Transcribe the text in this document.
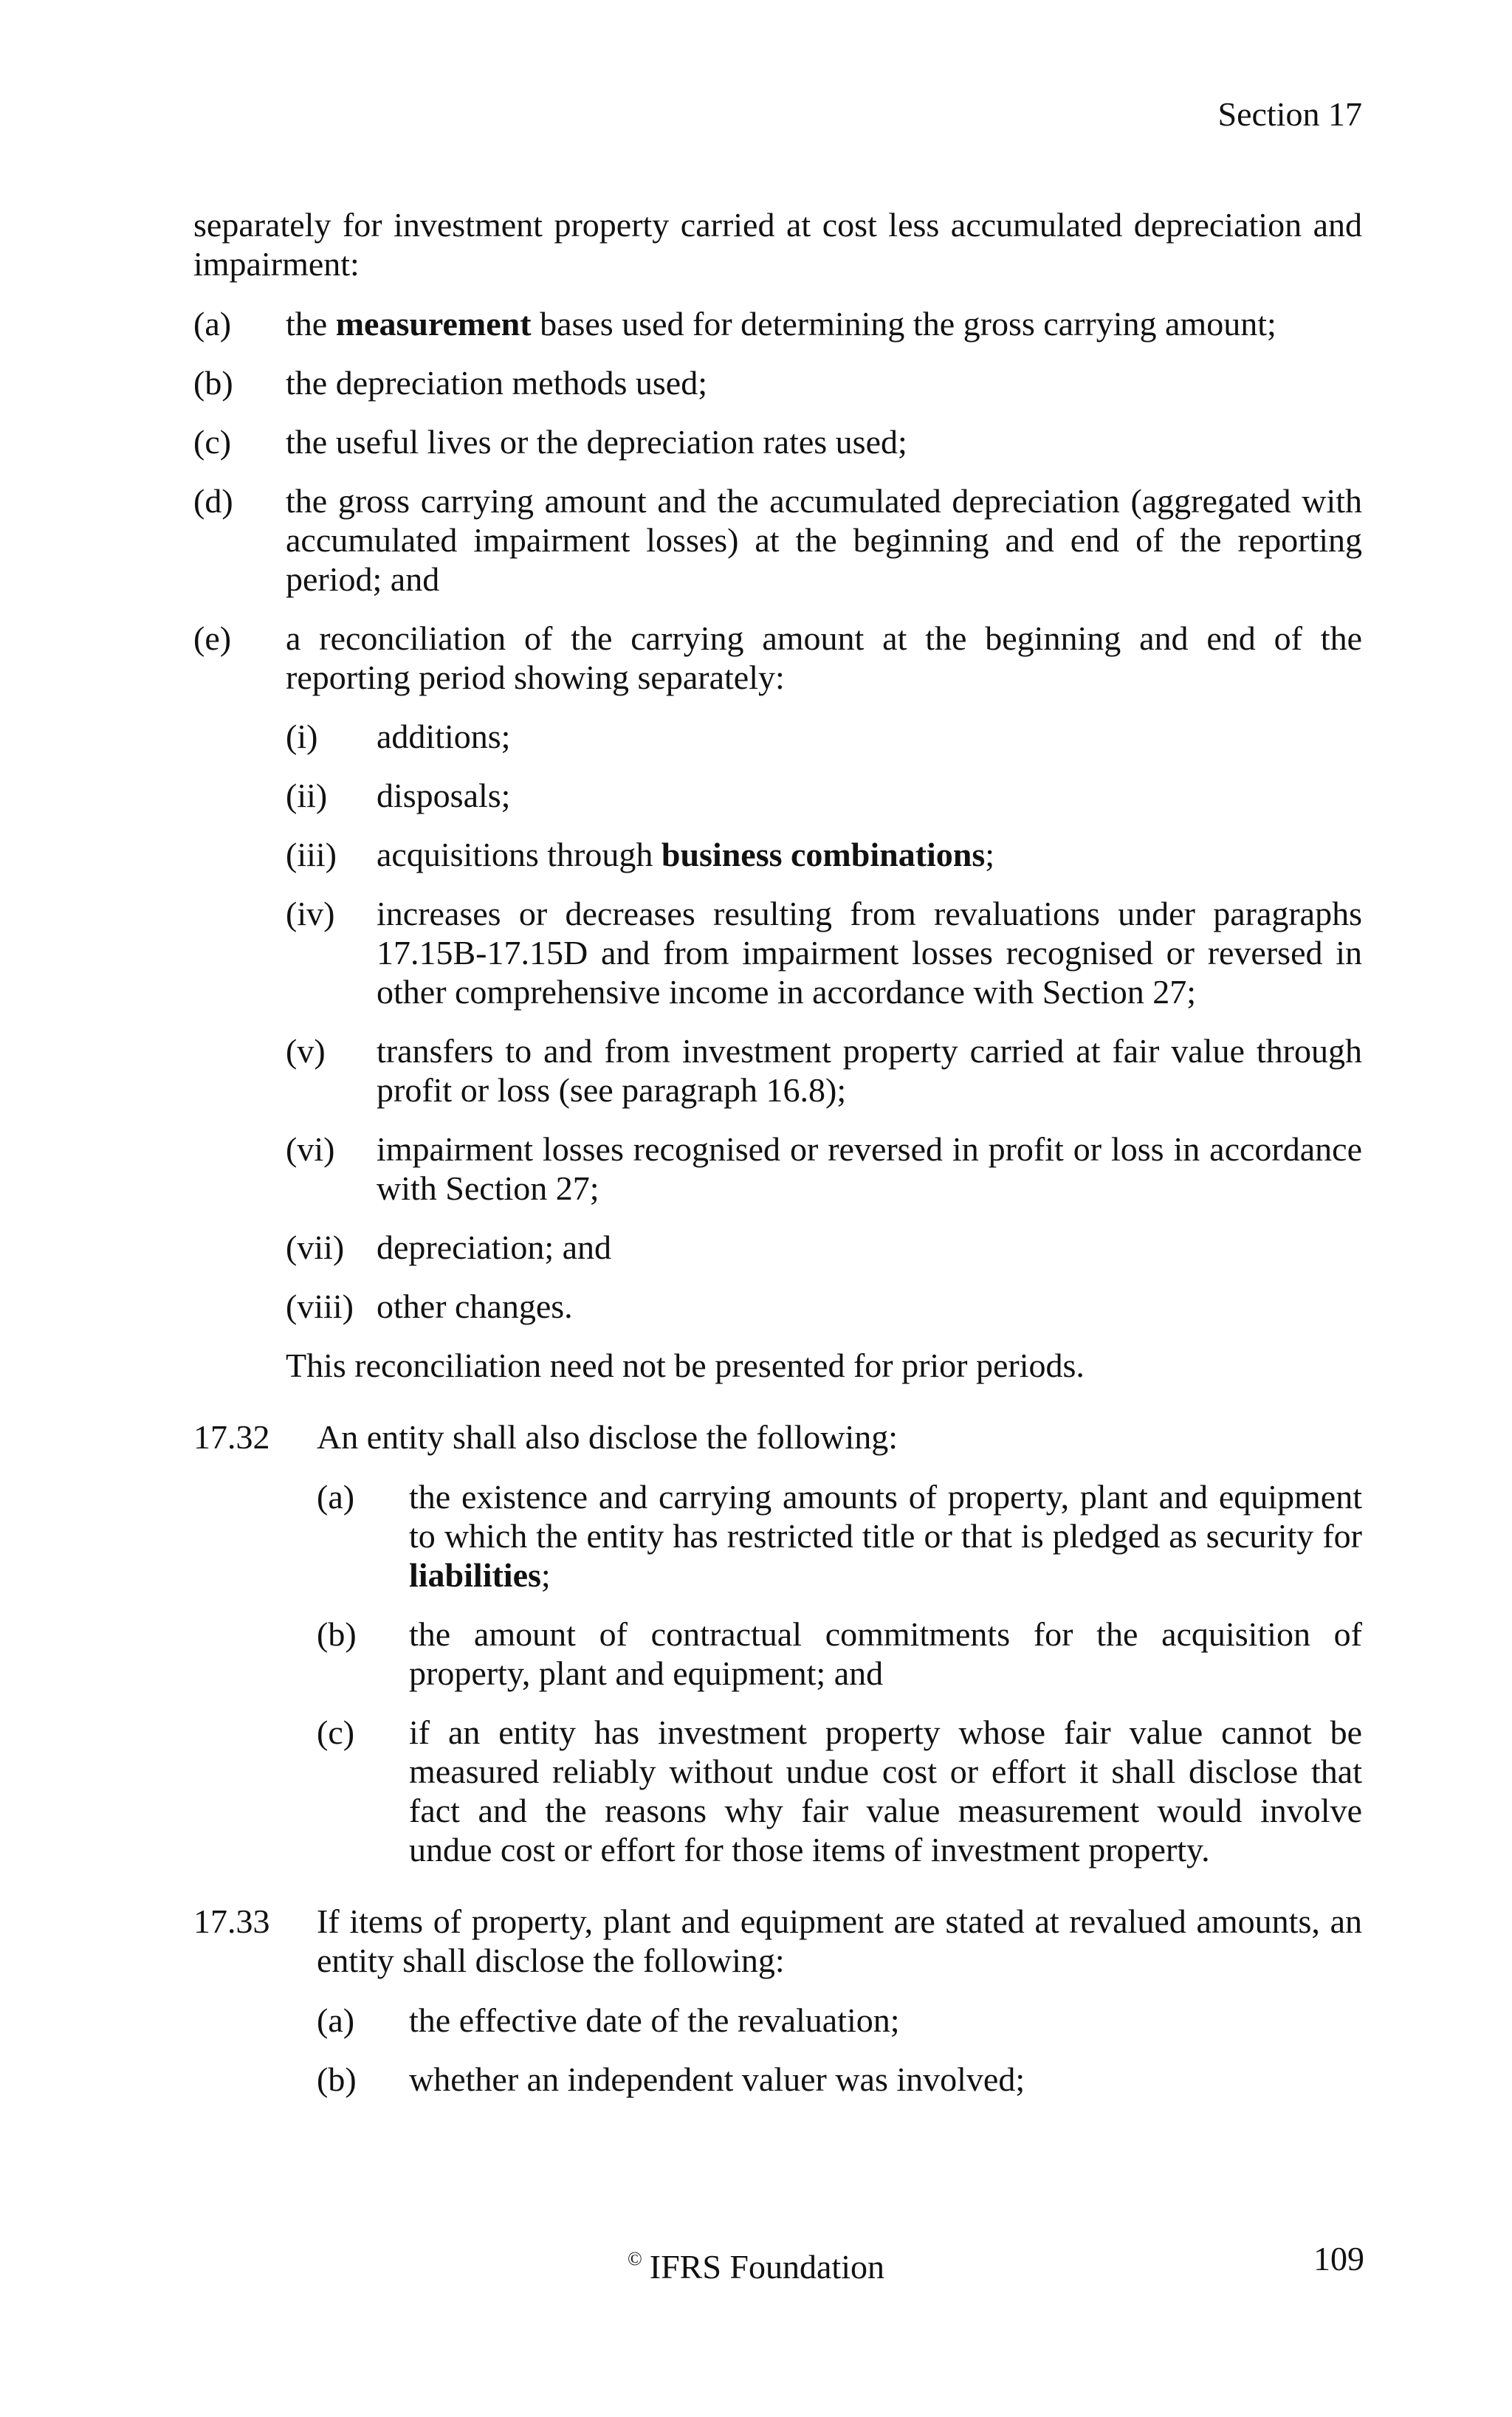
Section 17
separately for investment property carried at cost less accumulated depreciation and impairment:
(a) the measurement bases used for determining the gross carrying amount;
(b) the depreciation methods used;
(c) the useful lives or the depreciation rates used;
(d) the gross carrying amount and the accumulated depreciation (aggregated with accumulated impairment losses) at the beginning and end of the reporting period; and
(e) a reconciliation of the carrying amount at the beginning and end of the reporting period showing separately:
(i) additions;
(ii) disposals;
(iii) acquisitions through business combinations;
(iv) increases or decreases resulting from revaluations under paragraphs 17.15B-17.15D and from impairment losses recognised or reversed in other comprehensive income in accordance with Section 27;
(v) transfers to and from investment property carried at fair value through profit or loss (see paragraph 16.8);
(vi) impairment losses recognised or reversed in profit or loss in accordance with Section 27;
(vii) depreciation; and
(viii) other changes.
This reconciliation need not be presented for prior periods.
17.32 An entity shall also disclose the following:
(a) the existence and carrying amounts of property, plant and equipment to which the entity has restricted title or that is pledged as security for liabilities;
(b) the amount of contractual commitments for the acquisition of property, plant and equipment; and
(c) if an entity has investment property whose fair value cannot be measured reliably without undue cost or effort it shall disclose that fact and the reasons why fair value measurement would involve undue cost or effort for those items of investment property.
17.33 If items of property, plant and equipment are stated at revalued amounts, an entity shall disclose the following:
(a) the effective date of the revaluation;
(b) whether an independent valuer was involved;
© IFRS Foundation	109
